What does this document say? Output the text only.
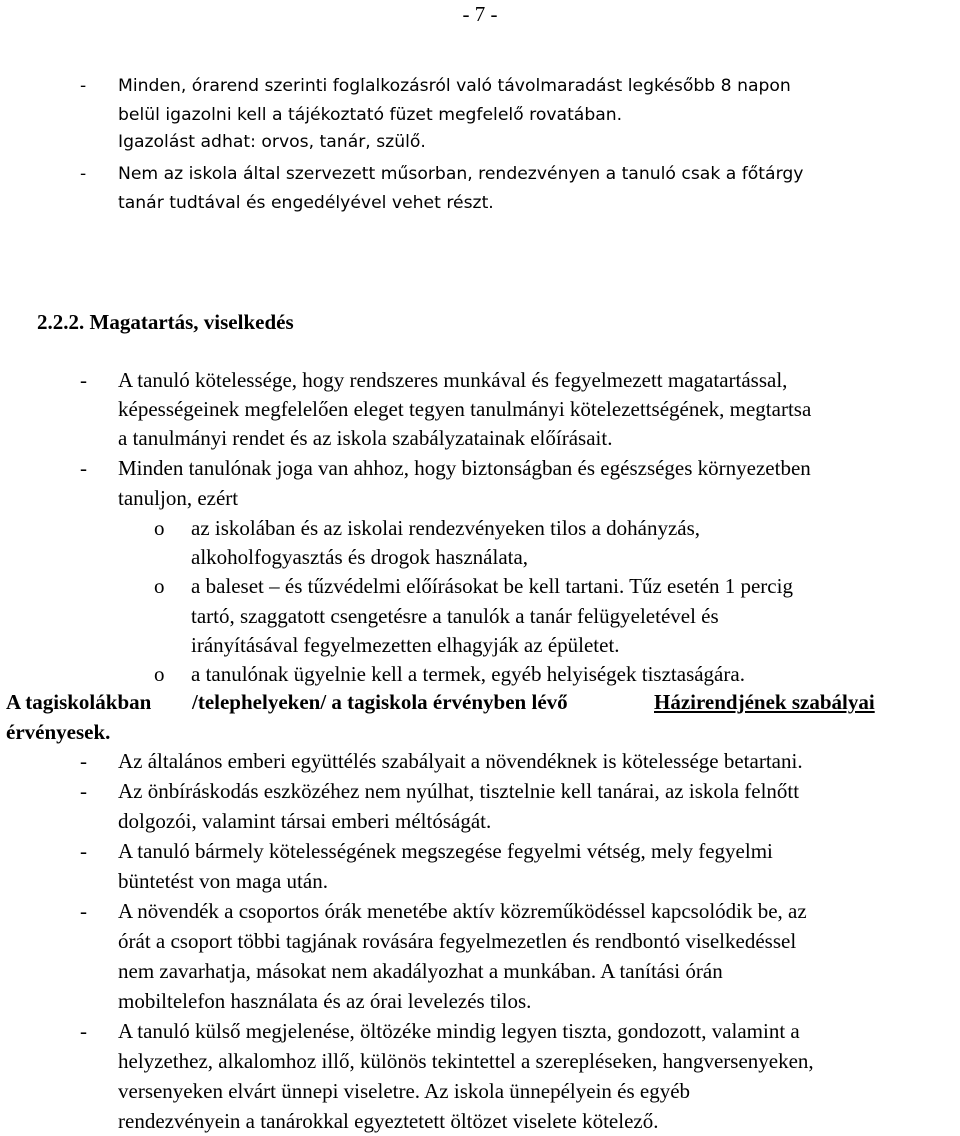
- 7 -
- Minden, órarend szerinti foglalkozásról való távolmaradást legkésőbb 8 napon
belül igazolni kell a tájékoztató füzet megfelelő rovatában.
Igazolást adhat: orvos, tanár, szülő.
- Nem az iskola által szervezett műsorban, rendezvényen a tanuló csak a főtárgy
tanár tudtával és engedélyével vehet részt.
2.2.2. Magatartás, viselkedés
- A tanuló kötelessége, hogy rendszeres munkával és fegyelmezett magatartással,
képességeinek megfelelően eleget tegyen tanulmányi kötelezettségének, megtartsa
a tanulmányi rendet és az iskola szabályzatainak előírásait.
- Minden tanulónak joga van ahhoz, hogy biztonságban és egészséges környezetben
tanuljon, ezért
o az iskolában és az iskolai rendezvényeken tilos a dohányzás,
alkoholfogyasztás és drogok használata,
o a baleset – és tűzvédelmi előírásokat be kell tartani. Tűz esetén 1 percig
tartó, szaggatott csengetésre a tanulók a tanár felügyeletével és
irányításával fegyelmezetten elhagyják az épületet.
o a tanulónak ügyelnie kell a termek, egyéb helyiségek tisztaságára.
A tagiskolákban /telephelyeken/ a tagiskola érvényben lévő	Házirendjének szabályai
érvényesek.
- Az általános emberi együttélés szabályait a növendéknek is kötelessége betartani.
- Az önbíráskodás eszközéhez nem nyúlhat, tisztelnie kell tanárai, az iskola felnőtt
dolgozói, valamint társai emberi méltóságát.
- A tanuló bármely kötelességének megszegése fegyelmi vétség, mely fegyelmi
büntetést von maga után.
- A növendék a csoportos órák menetébe aktív közreműködéssel kapcsolódik be, az
órát a csoport többi tagjának rovására fegyelmezetlen és rendbontó viselkedéssel
nem zavarhatja, másokat nem akadályozhat a munkában. A tanítási órán
mobiltelefon használata és az órai levelezés tilos.
- A tanuló külső megjelenése, öltözéke mindig legyen tiszta, gondozott, valamint a
helyzethez, alkalomhoz illő, különös tekintettel a szerepléseken, hangversenyeken,
versenyeken elvárt ünnepi viseletre. Az iskola ünnepélyein és egyéb
rendezvényein a tanárokkal egyeztetett öltözet viselete kötelező.
